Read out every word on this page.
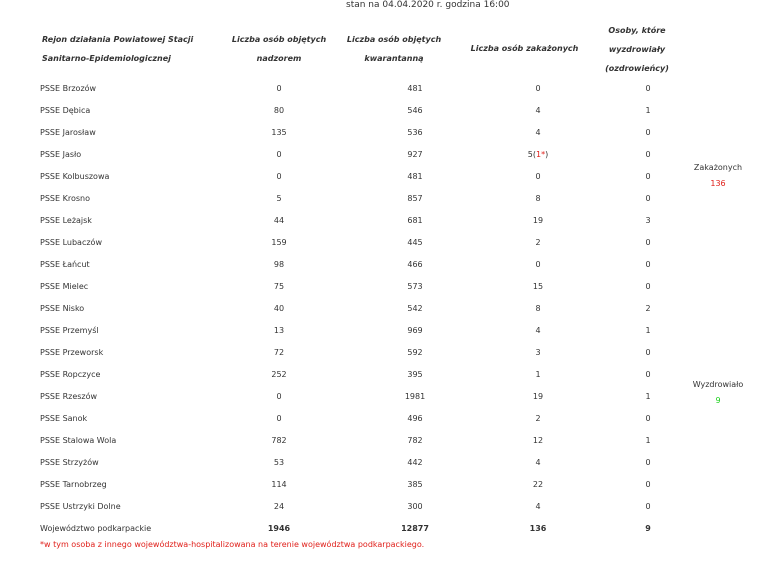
stan na 04.04.2020 r. godzina 16:00
Rejon działania Powiatowej Stacji
Sanitarno-Epidemiologicznej
Liczba osób objętych
nadzorem
Liczba osób objętych
kwarantanną
Liczba osób zakażonych
Osoby, które
wyzdrowiały
(ozdrowieńcy)
PSSE Brzozów	0	481	0	0
PSSE Dębica	80	546	4	1
PSSE Jarosław	135	536	4	0
PSSE Jasło	0	927	5(1*)	0
PSSE Kolbuszowa	0	481	0	0
PSSE Krosno	5	857	8	0
PSSE Leżajsk	44	681	19	3
PSSE Lubaczów	159	445	2	0
PSSE Łańcut	98	466	0	0
PSSE Mielec	75	573	15	0
PSSE Nisko	40	542	8	2
PSSE Przemyśl	13	969	4	1
PSSE Przeworsk	72	592	3	0
PSSE Ropczyce	252	395	1	0
PSSE Rzeszów	0	1981	19	1
PSSE Sanok	0	496	2	0
PSSE Stalowa Wola	782	782	12	1
PSSE Strzyżów	53	442	4	0
PSSE Tarnobrzeg	114	385	22	0
PSSE Ustrzyki Dolne	24	300	4	0
Województwo podkarpackie	1946	12877	136	9
Zakażonych
136
Wyzdrowiało
9
*w tym osoba z innego województwa-hospitalizowana na terenie województwa podkarpackiego.
